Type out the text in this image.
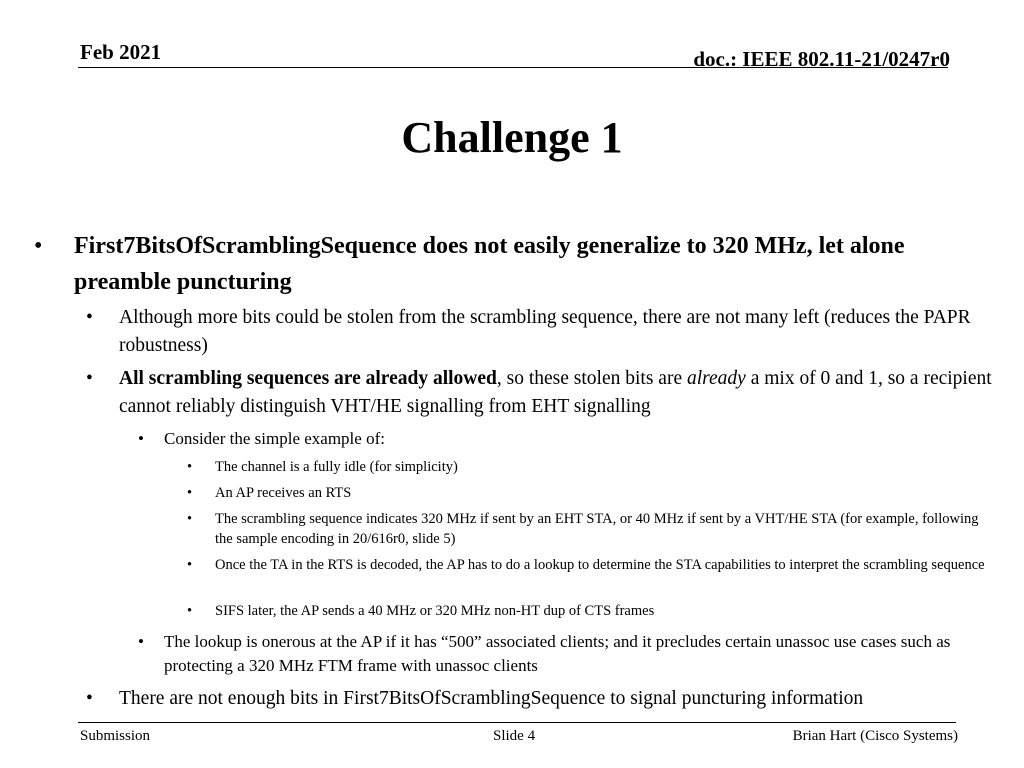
Feb 2021	doc.: IEEE 802.11-21/0247r0
Challenge 1

• First7BitsOfScramblingSequence does not easily generalize to 320 MHz, let alone preamble puncturing

• Although more bits could be stolen from the scrambling sequence, there are not many left (reduces the PAPR robustness)

• All scrambling sequences are already allowed, so these stolen bits are already a mix of 0 and 1, so a recipient cannot reliably distinguish VHT/HE signalling from EHT signalling

• Consider the simple example of:

• The channel is a fully idle (for simplicity)

• An AP receives an RTS

• The scrambling sequence indicates 320 MHz if sent by an EHT STA, or 40 MHz if sent by a VHT/HE STA (for example, following the sample encoding in 20/616r0, slide 5)

• Once the TA in the RTS is decoded, the AP has to do a lookup to determine the STA capabilities to interpret the scrambling sequence

• SIFS later, the AP sends a 40 MHz or 320 MHz non-HT dup of CTS frames

• The lookup is onerous at the AP if it has “500” associated clients; and it precludes certain unassoc use cases such as protecting a 320 MHz FTM frame with unassoc clients

• There are not enough bits in First7BitsOfScramblingSequence to signal puncturing information

Submission	Slide 4	Brian Hart (Cisco Systems)
